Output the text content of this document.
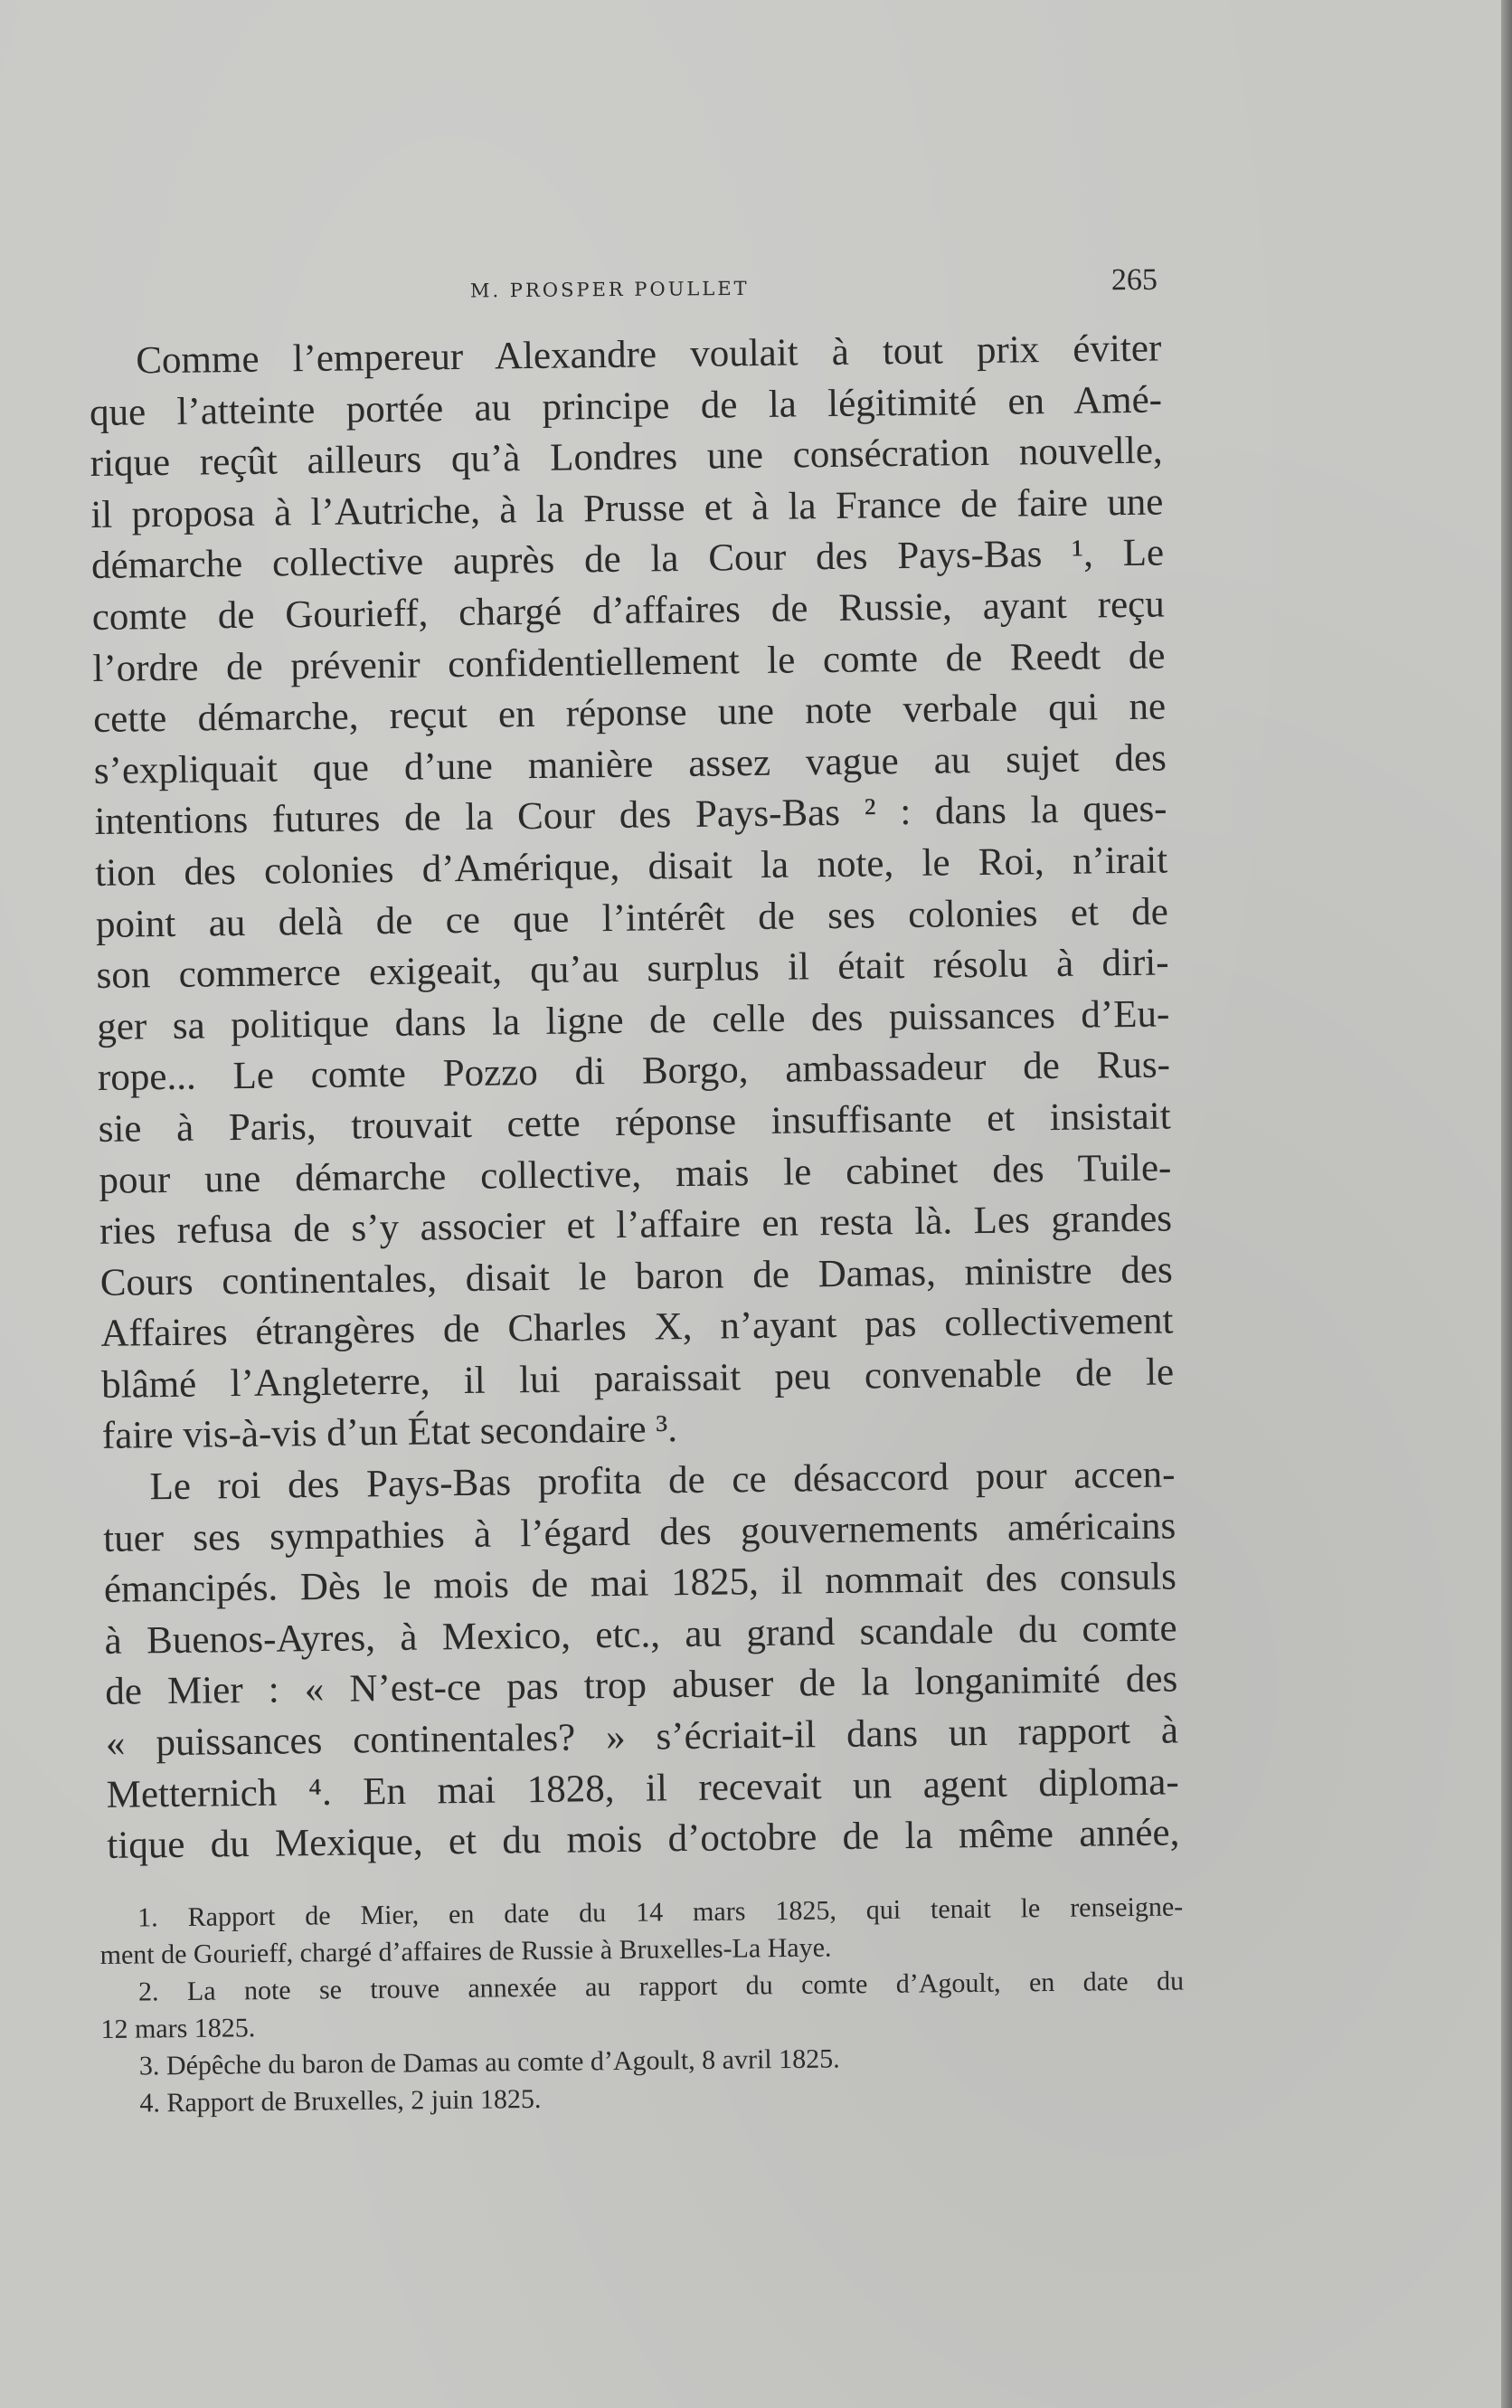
M. PROSPER POULLET	265
Comme l’empereur Alexandre voulait à tout prix éviter
que l’atteinte portée au principe de la légitimité en Amé-
rique reçût ailleurs qu’à Londres une consécration nouvelle,
il proposa à l’Autriche, à la Prusse et à la France de faire une
démarche collective auprès de la Cour des Pays-Bas ¹, Le
comte de Gourieff, chargé d’affaires de Russie, ayant reçu
l’ordre de prévenir confidentiellement le comte de Reedt de
cette démarche, reçut en réponse une note verbale qui ne
s’expliquait que d’une manière assez vague au sujet des
intentions futures de la Cour des Pays-Bas ² : dans la ques-
tion des colonies d’Amérique, disait la note, le Roi, n’irait
point au delà de ce que l’intérêt de ses colonies et de
son commerce exigeait, qu’au surplus il était résolu à diri-
ger sa politique dans la ligne de celle des puissances d’Eu-
rope... Le comte Pozzo di Borgo, ambassadeur de Rus-
sie à Paris, trouvait cette réponse insuffisante et insistait
pour une démarche collective, mais le cabinet des Tuile-
ries refusa de s’y associer et l’affaire en resta là. Les grandes
Cours continentales, disait le baron de Damas, ministre des
Affaires étrangères de Charles X, n’ayant pas collectivement
blâmé l’Angleterre, il lui paraissait peu convenable de le
faire vis-à-vis d’un État secondaire ³.
Le roi des Pays-Bas profita de ce désaccord pour accen-
tuer ses sympathies à l’égard des gouvernements américains
émancipés. Dès le mois de mai 1825, il nommait des consuls
à Buenos-Ayres, à Mexico, etc., au grand scandale du comte
de Mier : « N’est-ce pas trop abuser de la longanimité des
« puissances continentales? » s’écriait-il dans un rapport à
Metternich ⁴. En mai 1828, il recevait un agent diploma-
tique du Mexique, et du mois d’octobre de la même année,
1. Rapport de Mier, en date du 14 mars 1825, qui tenait le renseigne-
ment de Gourieff, chargé d’affaires de Russie à Bruxelles-La Haye.
2. La note se trouve annexée au rapport du comte d’Agoult, en date du
12 mars 1825.
3. Dépêche du baron de Damas au comte d’Agoult, 8 avril 1825.
4. Rapport de Bruxelles, 2 juin 1825.
